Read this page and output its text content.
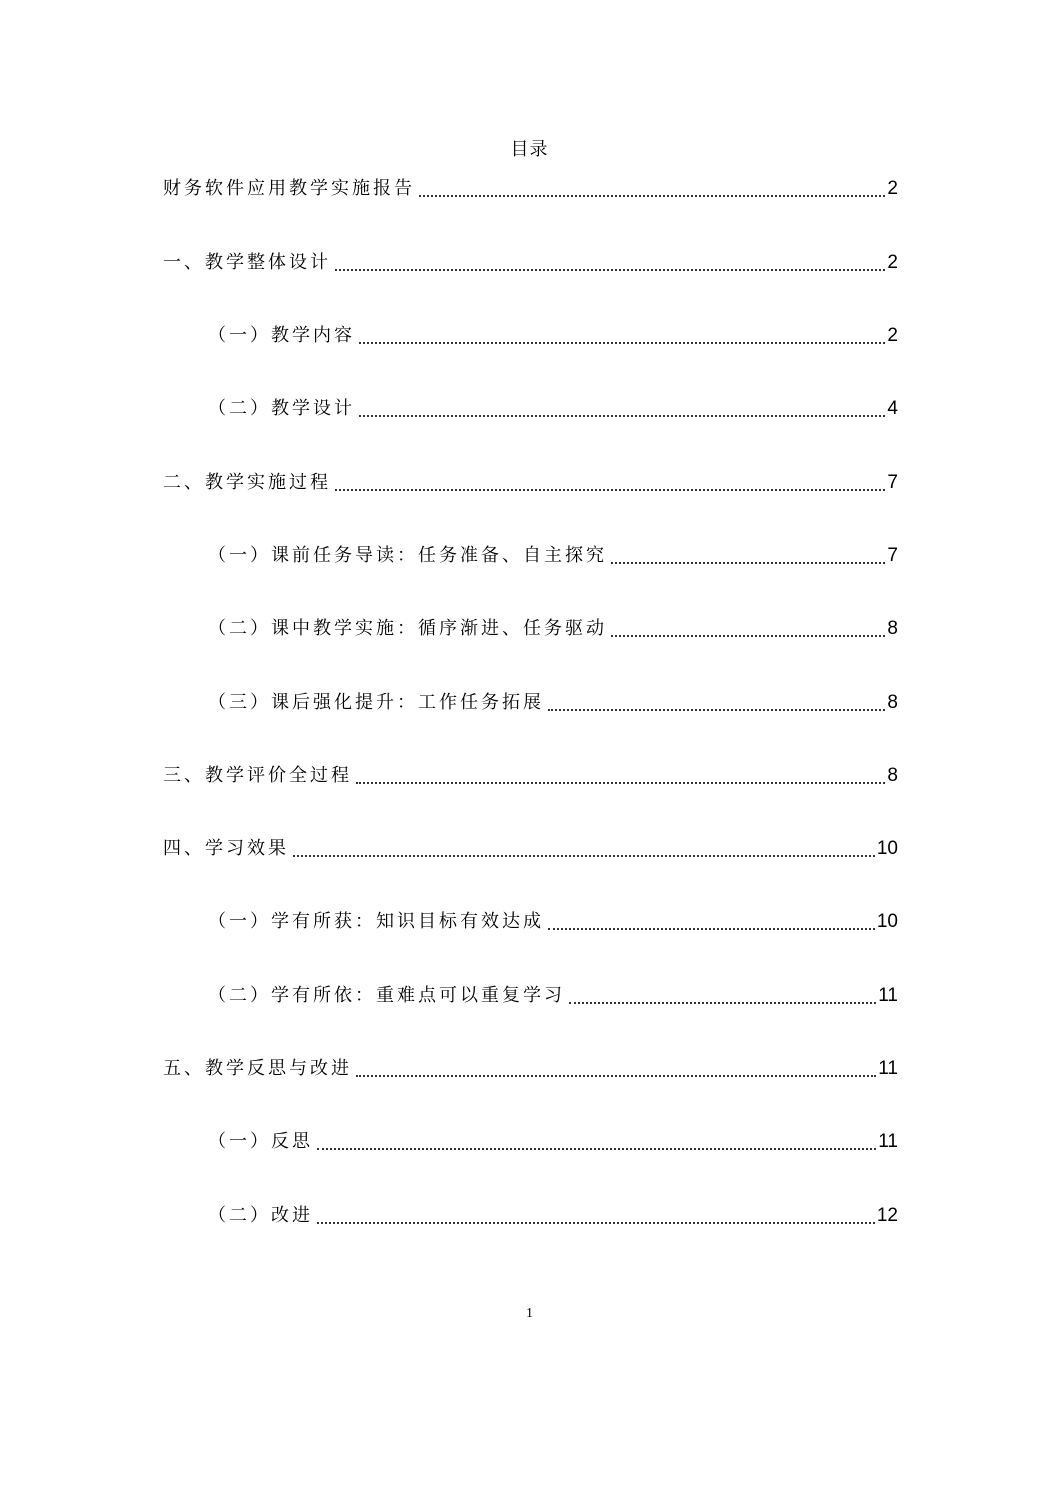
目录
财务软件应用教学实施报告	2
一、教学整体设计	2
（一）教学内容	2
（二）教学设计	4
二、教学实施过程	7
（一）课前任务导读：任务准备、自主探究	7
（二）课中教学实施：循序渐进、任务驱动	8
（三）课后强化提升：工作任务拓展	8
三、教学评价全过程	8
四、学习效果	10
（一）学有所获：知识目标有效达成	10
（二）学有所依：重难点可以重复学习	11
五、教学反思与改进	11
（一）反思	11
（二）改进	12
1
